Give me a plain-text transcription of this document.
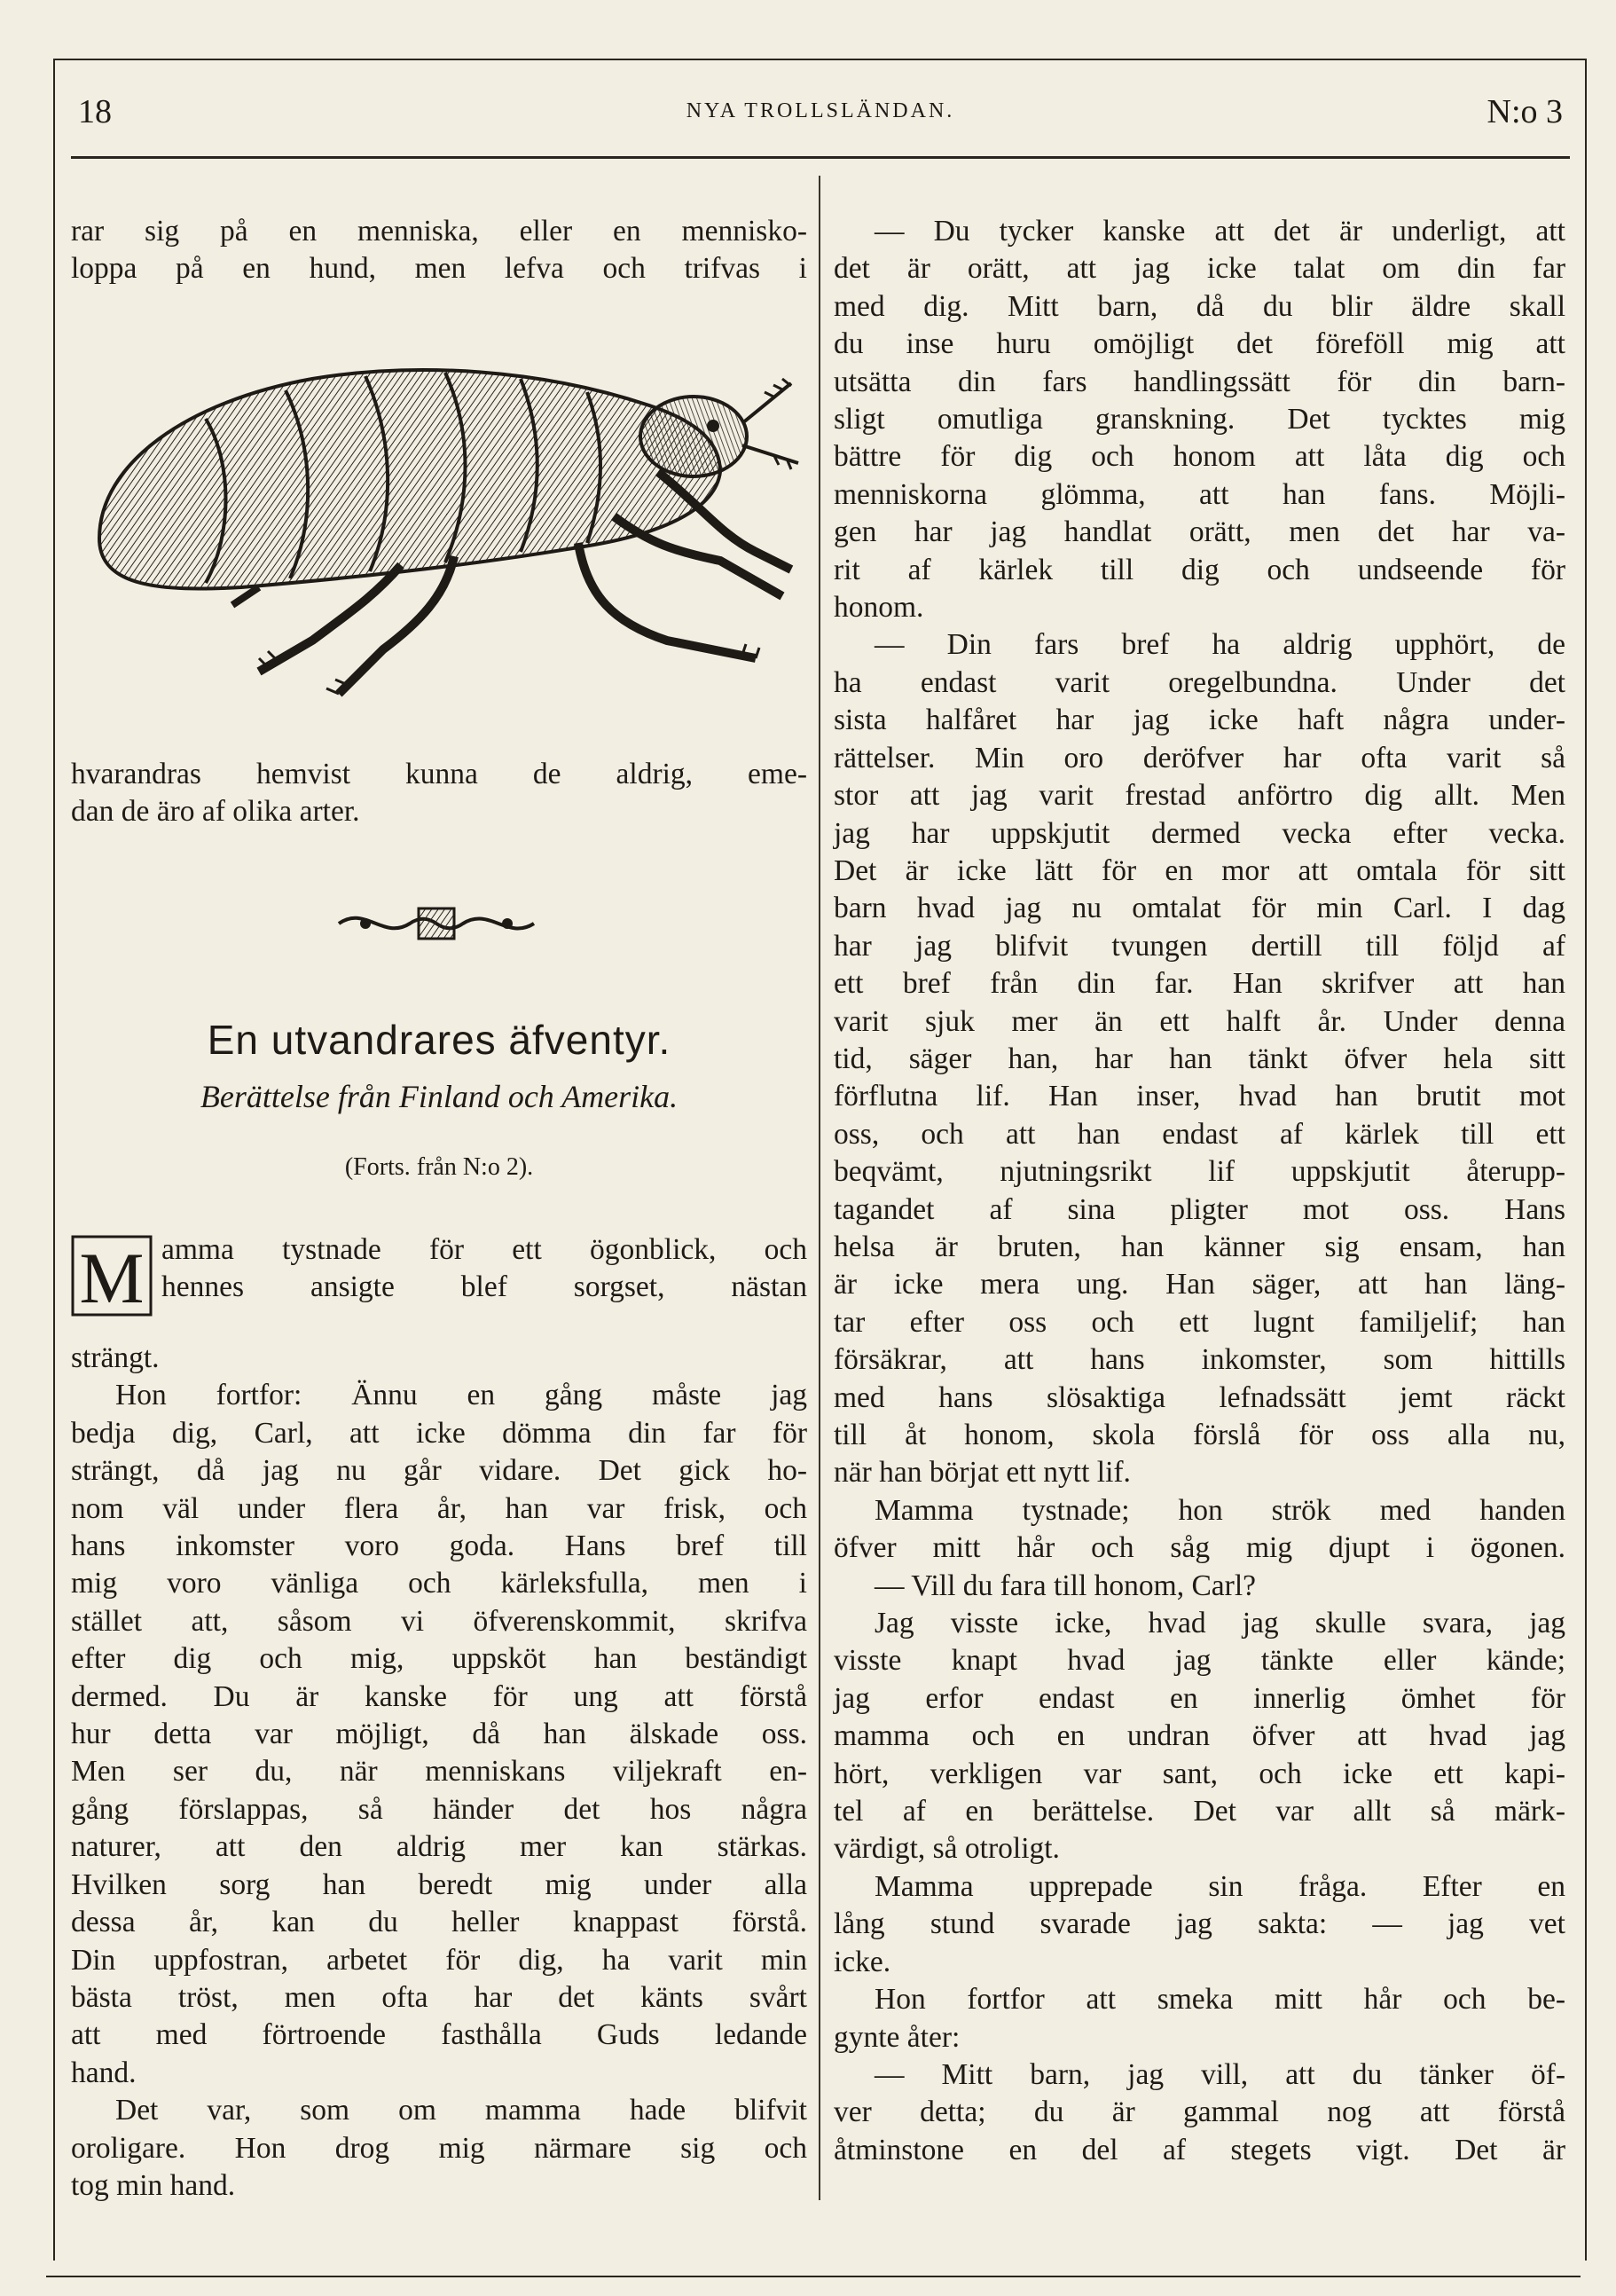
18	NYA TROLLSLÄNDAN.	N:o 3
rar sig på en menniska, eller en mennisko-
loppa på en hund, men lefva och trifvas i
hvarandras hemvist kunna de aldrig, eme-
dan de äro af olika arter.
En utvandrares äfventyr.
Berättelse från Finland och Amerika.
(Forts. från N:o 2).
M amma tystnade för ett ögonblick, och
hennes ansigte blef sorgset, nästan
strängt.
Hon fortfor: Ännu en gång måste jag
bedja dig, Carl, att icke dömma din far för
strängt, då jag nu går vidare. Det gick ho-
nom väl under flera år, han var frisk, och
hans inkomster voro goda. Hans bref till
mig voro vänliga och kärleksfulla, men i
stället att, såsom vi öfverenskommit, skrifva
efter dig och mig, uppsköt han beständigt
dermed. Du är kanske för ung att förstå
hur detta var möjligt, då han älskade oss.
Men ser du, när menniskans viljekraft en-
gång förslappas, så händer det hos några
naturer, att den aldrig mer kan stärkas.
Hvilken sorg han beredt mig under alla
dessa år, kan du heller knappast förstå.
Din uppfostran, arbetet för dig, ha varit min
bästa tröst, men ofta har det känts svårt
att med förtroende fasthålla Guds ledande
hand.
Det var, som om mamma hade blifvit
oroligare. Hon drog mig närmare sig och
tog min hand.
— Du tycker kanske att det är underligt, att
det är orätt, att jag icke talat om din far
med dig. Mitt barn, då du blir äldre skall
du inse huru omöjligt det föreföll mig att
utsätta din fars handlingssätt för din barn-
sligt omutliga granskning. Det tycktes mig
bättre för dig och honom att låta dig och
menniskorna glömma, att han fans. Möjli-
gen har jag handlat orätt, men det har va-
rit af kärlek till dig och undseende för
honom.
— Din fars bref ha aldrig upphört, de
ha endast varit oregelbundna. Under det
sista halfåret har jag icke haft några under-
rättelser. Min oro deröfver har ofta varit så
stor att jag varit frestad anförtro dig allt. Men
jag har uppskjutit dermed vecka efter vecka.
Det är icke lätt för en mor att omtala för sitt
barn hvad jag nu omtalat för min Carl. I dag
har jag blifvit tvungen dertill till följd af
ett bref från din far. Han skrifver att han
varit sjuk mer än ett halft år. Under denna
tid, säger han, har han tänkt öfver hela sitt
förflutna lif. Han inser, hvad han brutit mot
oss, och att han endast af kärlek till ett
beqvämt, njutningsrikt lif uppskjutit återupp-
tagandet af sina pligter mot oss. Hans
helsa är bruten, han känner sig ensam, han
är icke mera ung. Han säger, att han läng-
tar efter oss och ett lugnt familjelif; han
försäkrar, att hans inkomster, som hittills
med hans slösaktiga lefnadssätt jemt räckt
till åt honom, skola förslå för oss alla nu,
när han börjat ett nytt lif.
Mamma tystnade; hon strök med handen
öfver mitt hår och såg mig djupt i ögonen.
— Vill du fara till honom, Carl?
Jag visste icke, hvad jag skulle svara, jag
visste knapt hvad jag tänkte eller kände;
jag erfor endast en innerlig ömhet för
mamma och en undran öfver att hvad jag
hört, verkligen var sant, och icke ett kapi-
tel af en berättelse. Det var allt så märk-
värdigt, så otroligt.
Mamma upprepade sin fråga. Efter en
lång stund svarade jag sakta: — jag vet
icke.
Hon fortfor att smeka mitt hår och be-
gynte åter:
— Mitt barn, jag vill, att du tänker öf-
ver detta; du är gammal nog att förstå
åtminstone en del af stegets vigt. Det är
